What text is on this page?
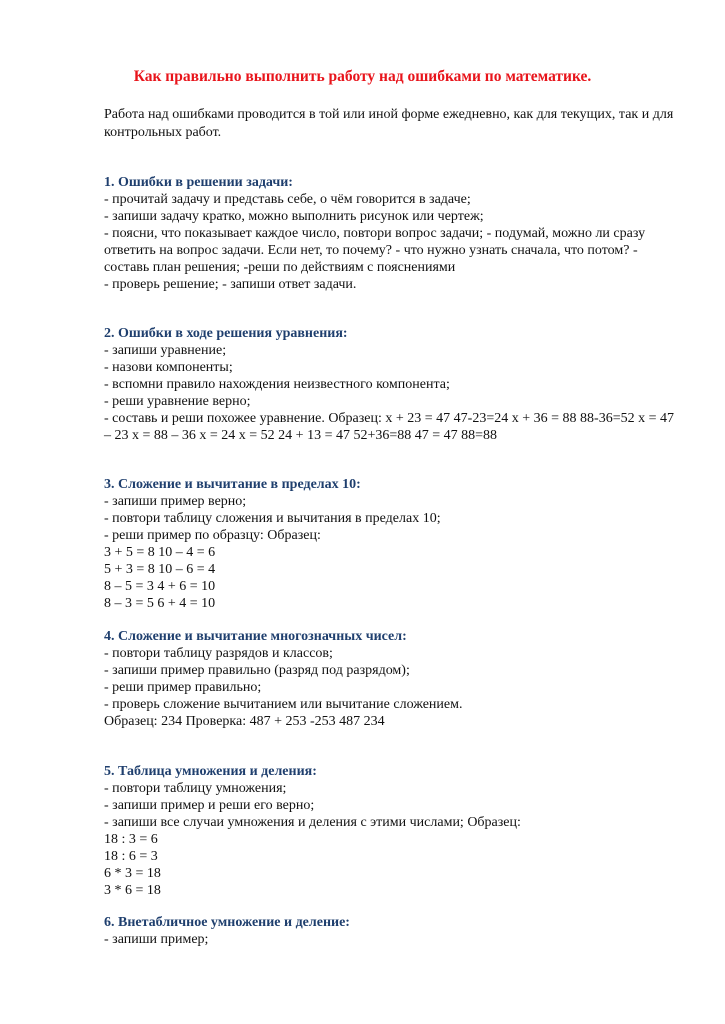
Как правильно выполнить работу над ошибками по математике.
Работа над ошибками проводится в той или иной форме ежедневно, как для текущих, так и для контрольных работ.
1. Ошибки в решении задачи:
- прочитай задачу и представь себе, о чём говорится в задаче;
- запиши задачу кратко, можно выполнить рисунок или чертеж;
- поясни, что показывает каждое число, повтори вопрос задачи; - подумай, можно ли сразу ответить на вопрос задачи. Если нет, то почему? - что нужно узнать сначала, что потом? - составь план решения; -реши по действиям с пояснениями
- проверь решение; - запиши ответ задачи.
2. Ошибки в ходе решения уравнения:
- запиши уравнение;
- назови компоненты;
- вспомни правило нахождения неизвестного компонента;
- реши уравнение верно;
- составь и реши похожее уравнение. Образец: х + 23 = 47 47-23=24 х + 36 = 88 88-36=52 х = 47 – 23 х = 88 – 36 х = 24 х = 52 24 + 13 = 47 52+36=88 47 = 47 88=88
3. Сложение и вычитание в пределах 10:
- запиши пример верно;
- повтори таблицу сложения и вычитания в пределах 10;
- реши пример по образцу: Образец:
3 + 5 = 8 10 – 4 = 6
5 + 3 = 8 10 – 6 = 4
8 – 5 = 3 4 + 6 = 10
8 – 3 = 5 6 + 4 = 10
4. Сложение и вычитание многозначных чисел:
- повтори таблицу разрядов и классов;
- запиши пример правильно (разряд под разрядом);
- реши пример правильно;
- проверь сложение вычитанием или вычитание сложением.
Образец: 234 Проверка: 487 + 253 -253 487 234
5. Таблица умножения и деления:
- повтори таблицу умножения;
- запиши пример и реши его верно;
- запиши все случаи умножения и деления с этими числами; Образец:
18 : 3 = 6
18 : 6 = 3
6 * 3 = 18
3 * 6 = 18
6. Внетабличное умножение и деление:
- запиши пример;
